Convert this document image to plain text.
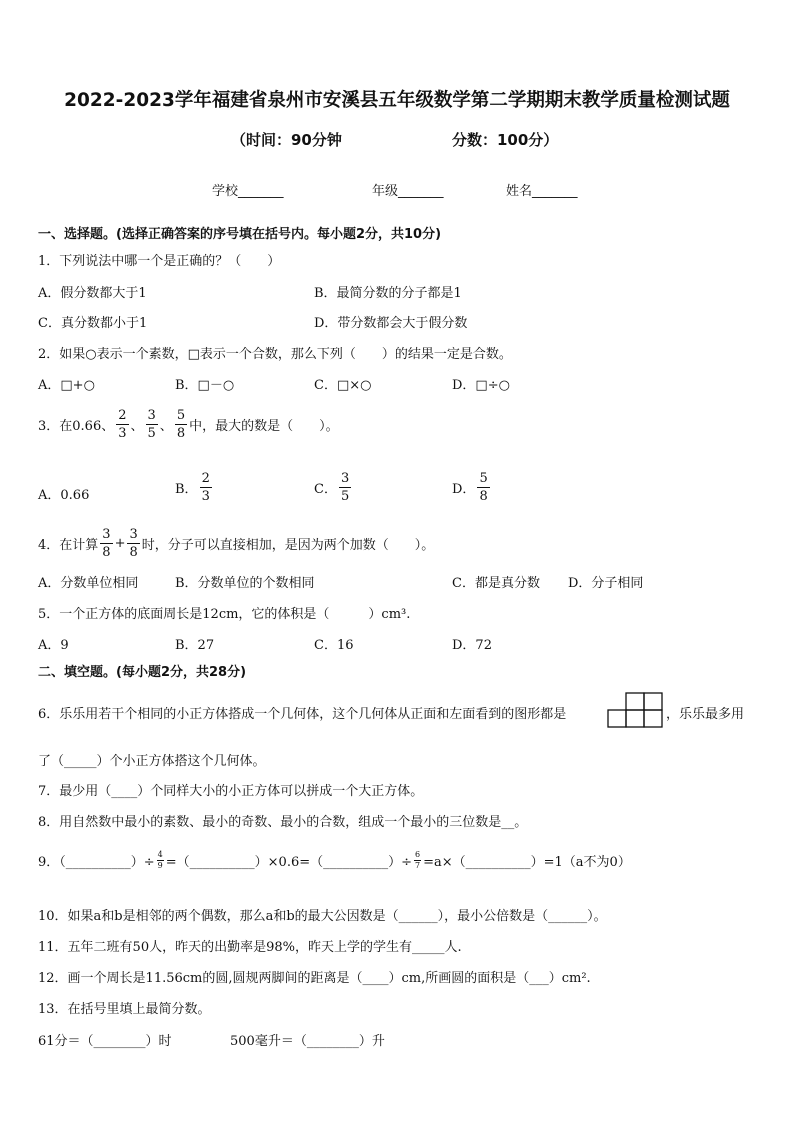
2022-2023学年福建省泉州市安溪县五年级数学第二学期期末教学质量检测试题
（时间：90分钟	分数：100分）
学校_______	年级_______	姓名_______
一、选择题。(选择正确答案的序号填在括号内。每小题2分，共10分)
1．下列说法中哪一个是正确的？（　　）
A．假分数都大于1	B．最简分数的分子都是1
C．真分数都小于1	D．带分数都会大于假分数
2．如果○表示一个素数，□表示一个合数，那么下列（　　）的结果一定是合数。
A．□+○	B．□－○	C．□×○	D．□÷○
3．在0.66、 $\frac{2}{3}$ 、 $\frac{3}{5}$ 、 $\frac{5}{8}$ 中，最大的数是（　　）。
A．0.66	B． $\frac{2}{3}$	C． $\frac{3}{5}$	D． $\frac{5}{8}$
4．在计算 $\frac{3}{8} + \frac{3}{8}$ 时，分子可以直接相加，是因为两个加数（　　）。
A．分数单位相同	B．分数单位的个数相同	C．都是真分数 D．分子相同
5．一个正方体的底面周长是12cm，它的体积是（　　　）cm³.
A．9	B．27	C．16	D．72
二、填空题。(每小题2分，共28分)
6．乐乐用若干个相同的小正方体搭成一个几何体，这个几何体从正面和左面看到的图形都是	，乐乐最多用
了（_____）个小正方体搭这个几何体。
7．最少用（____）个同样大小的小正方体可以拼成一个大正方体。
8．用自然数中最小的素数、最小的奇数、最小的合数，组成一个最小的三位数是__。
9．（__________）÷ $\frac{4}{9}$ =（__________）×0.6=（__________）÷ $\frac{6}{7}$ =a×（__________）=1（a不为0）
10．如果a和b是相邻的两个偶数，那么a和b的最大公因数是（______），最小公倍数是（______）。
11．五年二班有50人，昨天的出勤率是98%，昨天上学的学生有_____人.
12．画一个周长是11.56cm的圆,圆规两脚间的距离是（____）cm,所画圆的面积是（___）cm².
13．在括号里填上最简分数。
61分＝（________）时	500毫升＝（________）升
